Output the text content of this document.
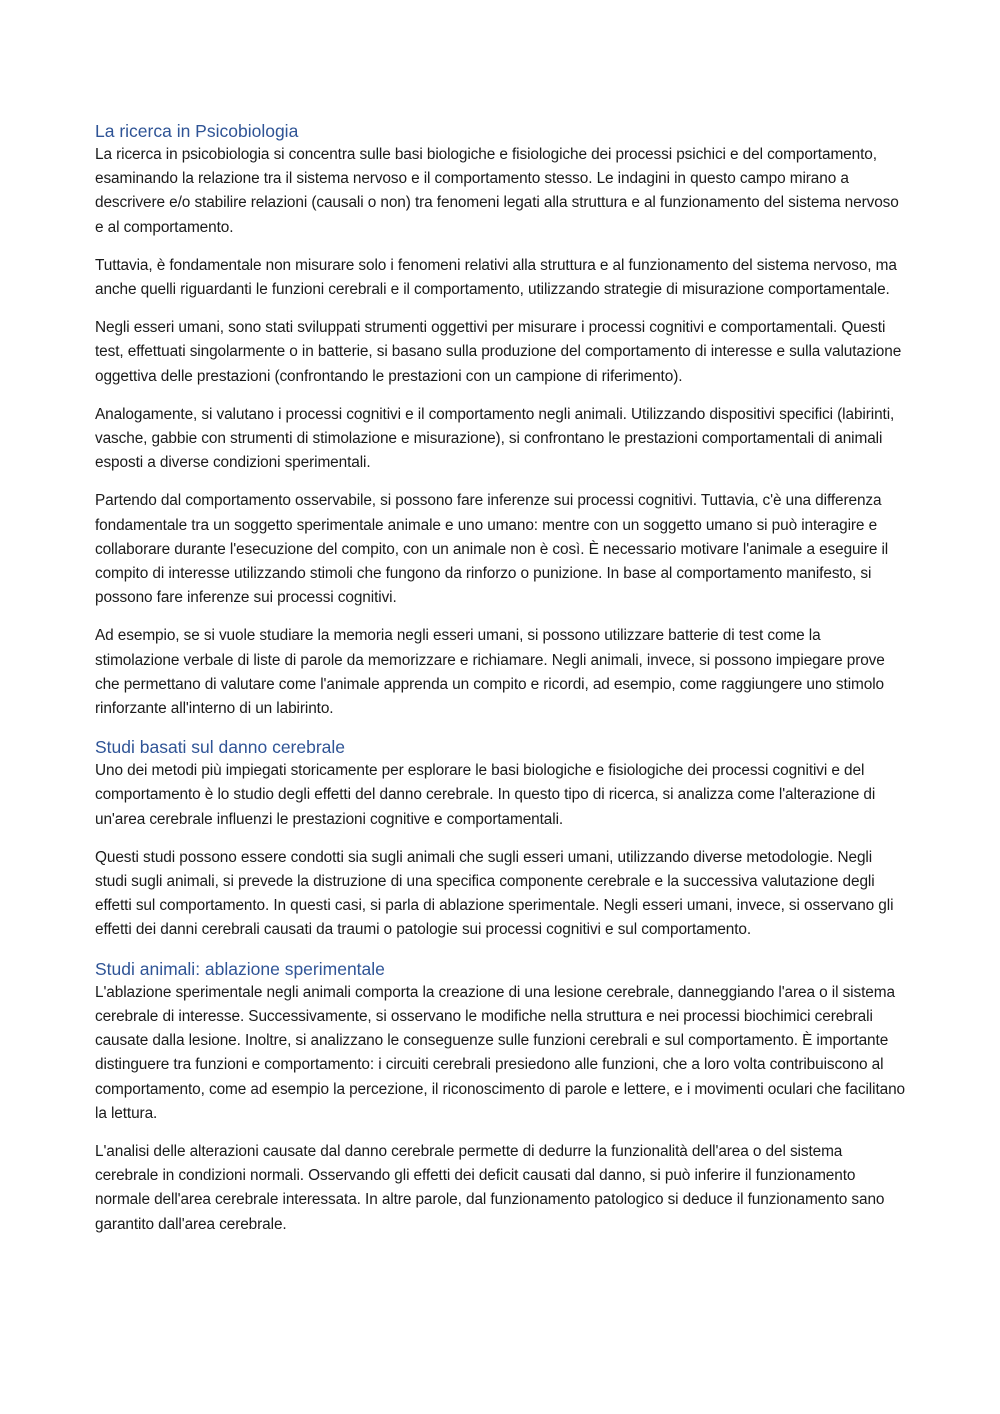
La ricerca in Psicobiologia

La ricerca in psicobiologia si concentra sulle basi biologiche e fisiologiche dei processi psichici e del comportamento, esaminando la relazione tra il sistema nervoso e il comportamento stesso. Le indagini in questo campo mirano a descrivere e/o stabilire relazioni (causali o non) tra fenomeni legati alla struttura e al funzionamento del sistema nervoso e al comportamento.

Tuttavia, è fondamentale non misurare solo i fenomeni relativi alla struttura e al funzionamento del sistema nervoso, ma anche quelli riguardanti le funzioni cerebrali e il comportamento, utilizzando strategie di misurazione comportamentale.

Negli esseri umani, sono stati sviluppati strumenti oggettivi per misurare i processi cognitivi e comportamentali. Questi test, effettuati singolarmente o in batterie, si basano sulla produzione del comportamento di interesse e sulla valutazione oggettiva delle prestazioni (confrontando le prestazioni con un campione di riferimento).

Analogamente, si valutano i processi cognitivi e il comportamento negli animali. Utilizzando dispositivi specifici (labirinti, vasche, gabbie con strumenti di stimolazione e misurazione), si confrontano le prestazioni comportamentali di animali esposti a diverse condizioni sperimentali.

Partendo dal comportamento osservabile, si possono fare inferenze sui processi cognitivi. Tuttavia, c'è una differenza fondamentale tra un soggetto sperimentale animale e uno umano: mentre con un soggetto umano si può interagire e collaborare durante l'esecuzione del compito, con un animale non è così. È necessario motivare l'animale a eseguire il compito di interesse utilizzando stimoli che fungono da rinforzo o punizione. In base al comportamento manifesto, si possono fare inferenze sui processi cognitivi.

Ad esempio, se si vuole studiare la memoria negli esseri umani, si possono utilizzare batterie di test come la stimolazione verbale di liste di parole da memorizzare e richiamare. Negli animali, invece, si possono impiegare prove che permettano di valutare come l'animale apprenda un compito e ricordi, ad esempio, come raggiungere uno stimolo rinforzante all'interno di un labirinto.

Studi basati sul danno cerebrale

Uno dei metodi più impiegati storicamente per esplorare le basi biologiche e fisiologiche dei processi cognitivi e del comportamento è lo studio degli effetti del danno cerebrale. In questo tipo di ricerca, si analizza come l'alterazione di un'area cerebrale influenzi le prestazioni cognitive e comportamentali.

Questi studi possono essere condotti sia sugli animali che sugli esseri umani, utilizzando diverse metodologie. Negli studi sugli animali, si prevede la distruzione di una specifica componente cerebrale e la successiva valutazione degli effetti sul comportamento. In questi casi, si parla di ablazione sperimentale. Negli esseri umani, invece, si osservano gli effetti dei danni cerebrali causati da traumi o patologie sui processi cognitivi e sul comportamento.

Studi animali: ablazione sperimentale

L'ablazione sperimentale negli animali comporta la creazione di una lesione cerebrale, danneggiando l'area o il sistema cerebrale di interesse. Successivamente, si osservano le modifiche nella struttura e nei processi biochimici cerebrali causate dalla lesione. Inoltre, si analizzano le conseguenze sulle funzioni cerebrali e sul comportamento. È importante distinguere tra funzioni e comportamento: i circuiti cerebrali presiedono alle funzioni, che a loro volta contribuiscono al comportamento, come ad esempio la percezione, il riconoscimento di parole e lettere, e i movimenti oculari che facilitano la lettura.

L'analisi delle alterazioni causate dal danno cerebrale permette di dedurre la funzionalità dell'area o del sistema cerebrale in condizioni normali. Osservando gli effetti dei deficit causati dal danno, si può inferire il funzionamento normale dell'area cerebrale interessata. In altre parole, dal funzionamento patologico si deduce il funzionamento sano garantito dall'area cerebrale.
